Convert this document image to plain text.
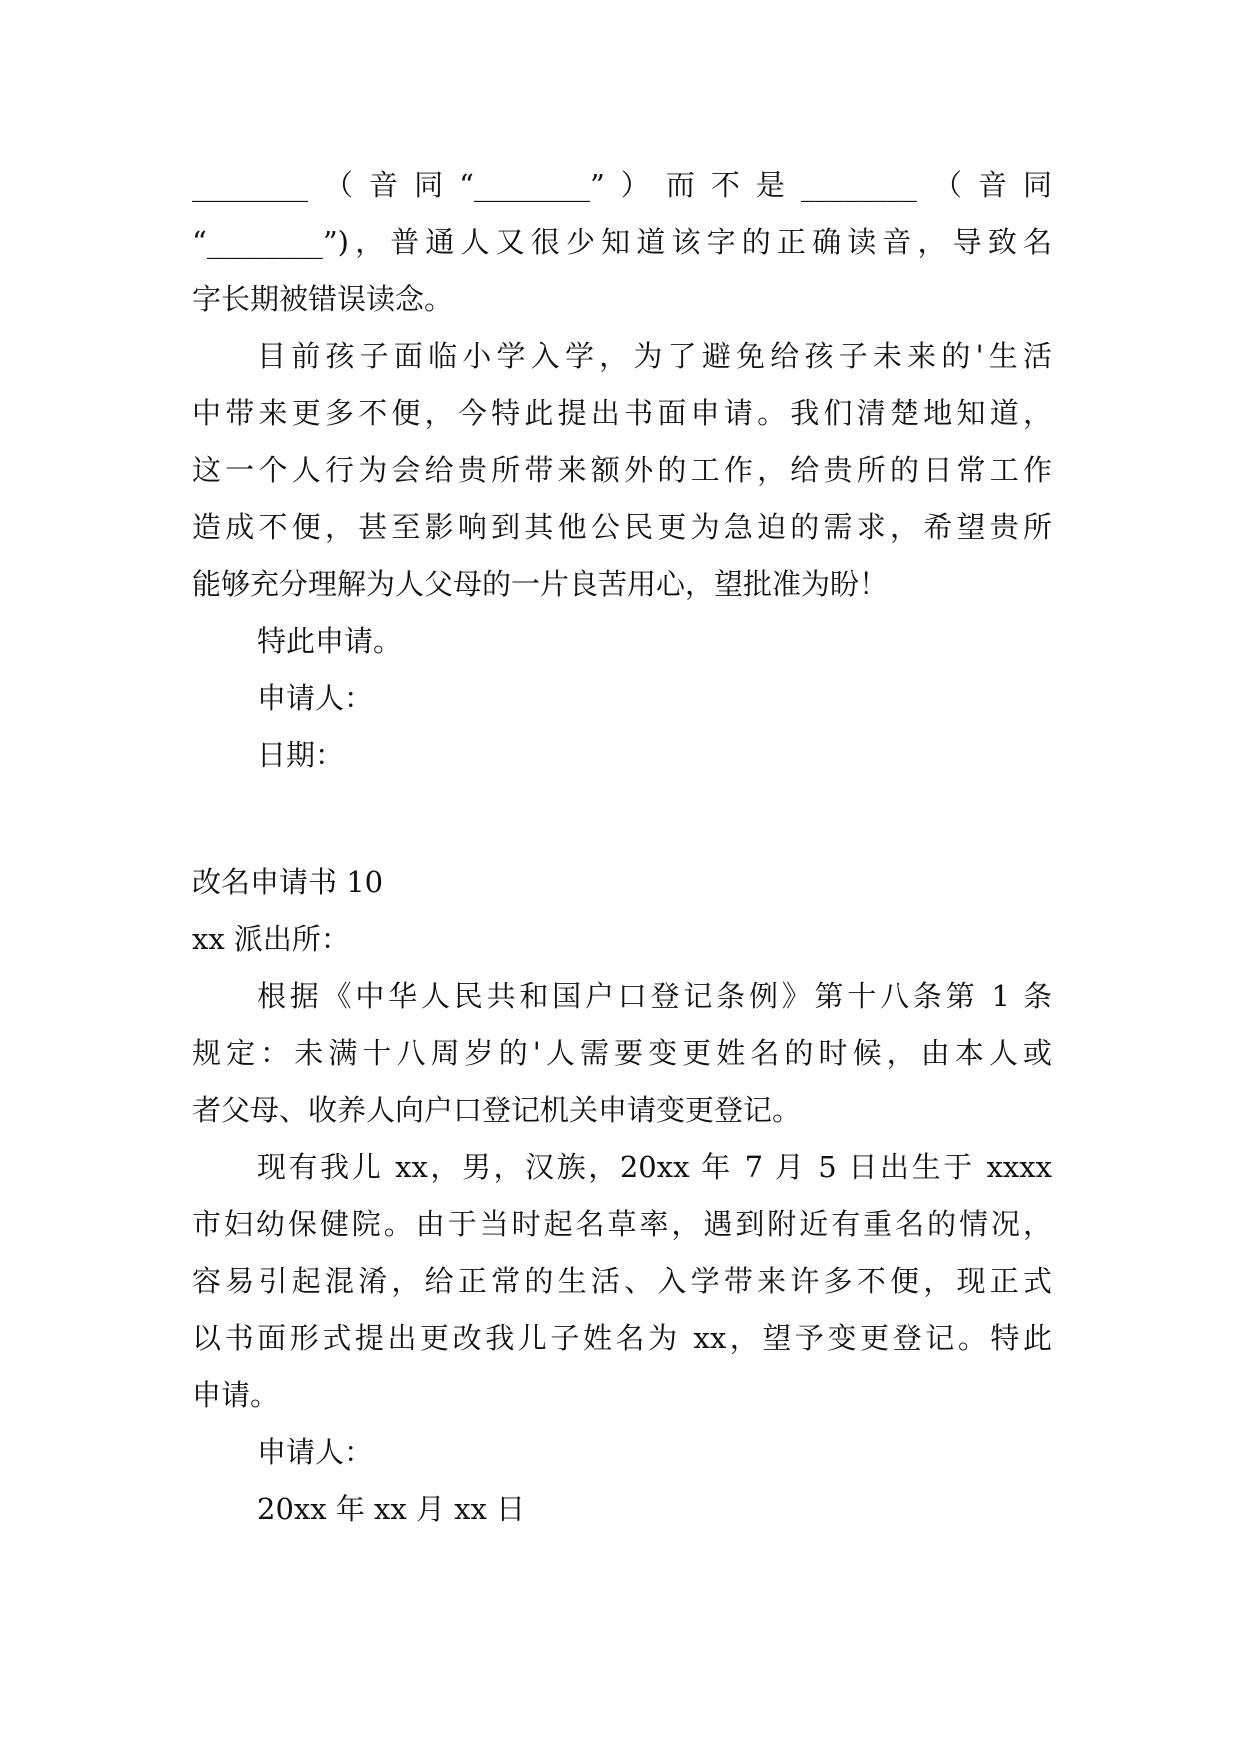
________（音同“________”）而不是________（音同
“________”)，普通人又很少知道该字的正确读音，导致名
字长期被错误读念。
目前孩子面临小学入学，为了避免给孩子未来的'生活
中带来更多不便，今特此提出书面申请。我们清楚地知道，
这一个人行为会给贵所带来额外的工作，给贵所的日常工作
造成不便，甚至影响到其他公民更为急迫的需求，希望贵所
能够充分理解为人父母的一片良苦用心，望批准为盼！
特此申请。
申请人：
日期：
改名申请书 10
xx 派出所：
根据《中华人民共和国户口登记条例》第十八条第 1 条
规定：未满十八周岁的'人需要变更姓名的时候，由本人或
者父母、收养人向户口登记机关申请变更登记。
现有我儿 xx，男，汉族，20xx 年 7 月 5 日出生于 xxxx
市妇幼保健院。由于当时起名草率，遇到附近有重名的情况，
容易引起混淆，给正常的生活、入学带来许多不便，现正式
以书面形式提出更改我儿子姓名为 xx，望予变更登记。特此
申请。
申请人：
20xx 年 xx 月 xx 日
